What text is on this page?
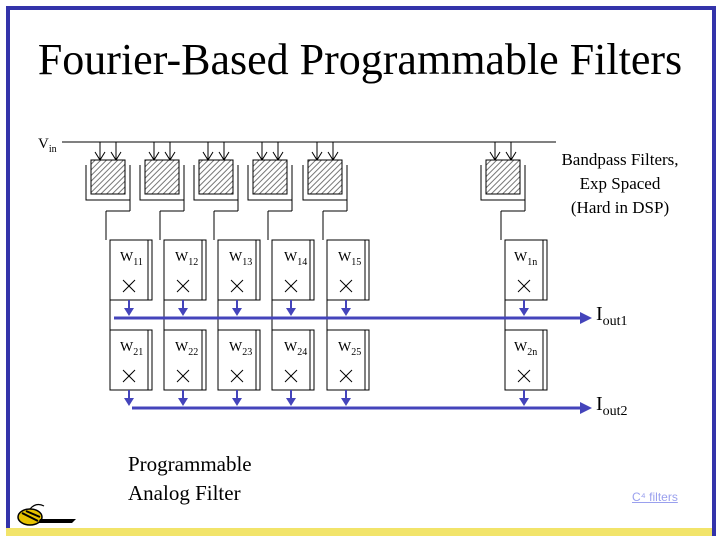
Fourier-Based Programmable Filters
$V_{in}$
Bandpass Filters,
Exp Spaced
(Hard in DSP)
$W_{11}$ $W_{12}$ $W_{13}$ $W_{14}$ $W_{15}$	$W_{1n}$
$W_{21}$ $W_{22}$ $W_{23}$ $W_{24}$ $W_{25}$	$W_{2n}$
$I_{out1}$
$I_{out2}$
Programmable
Analog Filter	C⁴ filters
